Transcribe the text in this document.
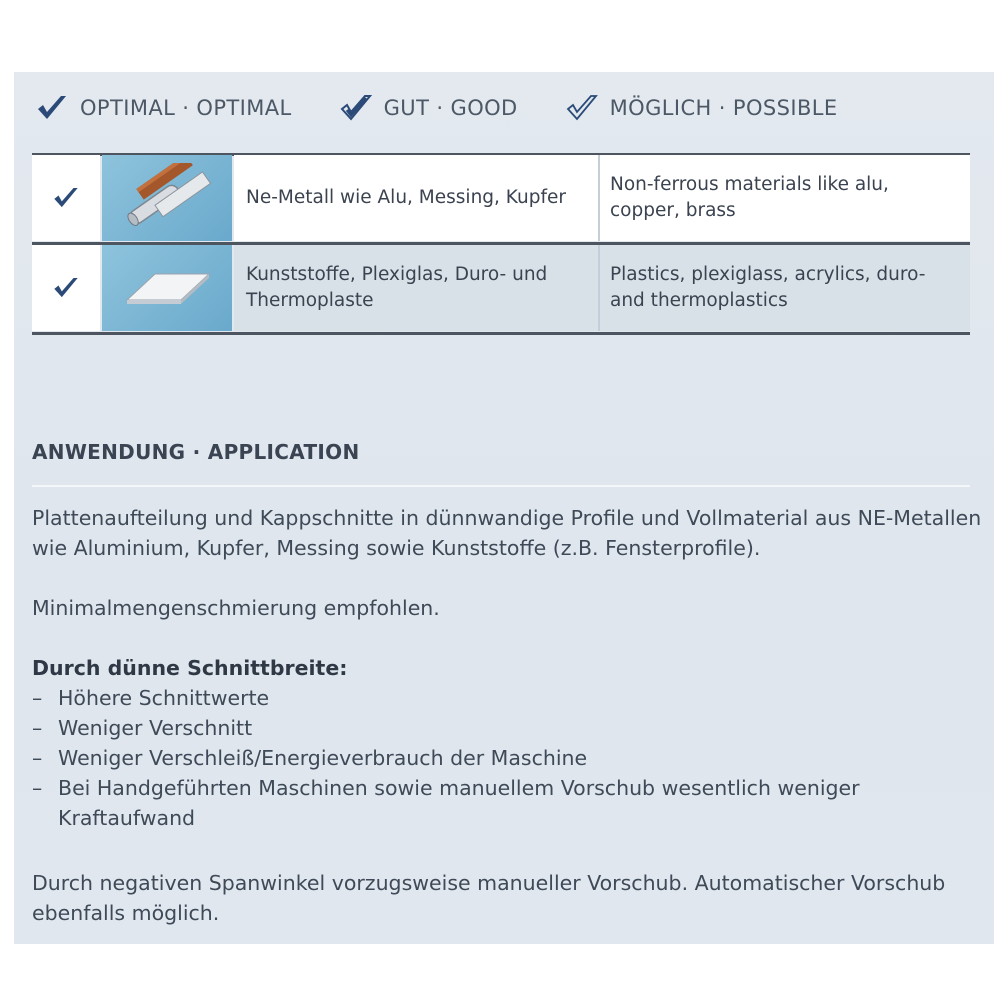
OPTIMAL · OPTIMAL	GUT · GOOD	MÖGLICH · POSSIBLE
Ne-Metall wie Alu, Messing, Kupfer
Non-ferrous materials like alu, copper, brass
Kunststoffe, Plexiglas, Duro- und Thermoplaste
Plastics, plexiglass, acrylics, duro- and thermoplastics
ANWENDUNG · APPLICATION
Plattenaufteilung und Kappschnitte in dünnwandige Profile und Vollmaterial aus NE-Metallen wie Aluminium, Kupfer, Messing sowie Kunststoffe (z.B. Fensterprofile).
Minimalmengenschmierung empfohlen.
Durch dünne Schnittbreite:
– Höhere Schnittwerte
– Weniger Verschnitt
– Weniger Verschleiß/Energieverbrauch der Maschine
– Bei Handgeführten Maschinen sowie manuellem Vorschub wesentlich weniger Kraftaufwand
Durch negativen Spanwinkel vorzugsweise manueller Vorschub. Automatischer Vorschub ebenfalls möglich.
